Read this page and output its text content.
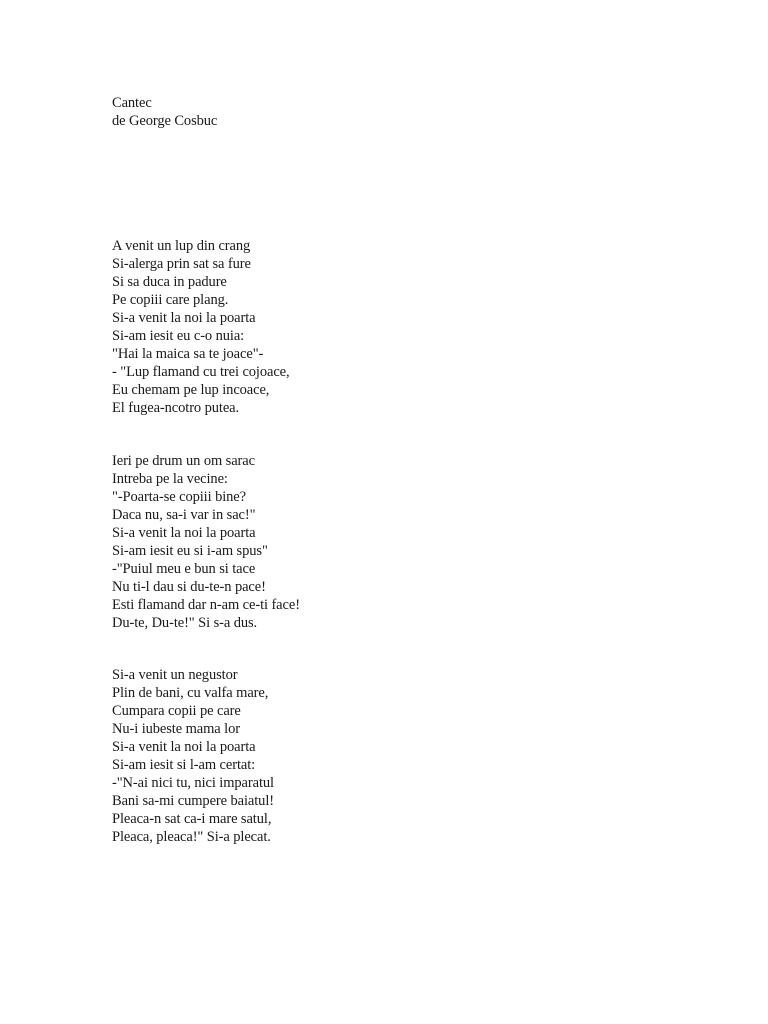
Cantec
de George Cosbuc
A venit un lup din crang
Si-alerga prin sat sa fure
Si sa duca in padure
Pe copiii care plang.
Si-a venit la noi la poarta
Si-am iesit eu c-o nuia:
"Hai la maica sa te joace"-
- "Lup flamand cu trei cojoace,
Eu chemam pe lup incoace,
El fugea-ncotro putea.
Ieri pe drum un om sarac
Intreba pe la vecine:
"-Poarta-se copiii bine?
Daca nu, sa-i var in sac!"
Si-a venit la noi la poarta
Si-am iesit eu si i-am spus"
-"Puiul meu e bun si tace
Nu ti-l dau si du-te-n pace!
Esti flamand dar n-am ce-ti face!
Du-te, Du-te!" Si s-a dus.
Si-a venit un negustor
Plin de bani, cu valfa mare,
Cumpara copii pe care
Nu-i iubeste mama lor
Si-a venit la noi la poarta
Si-am iesit si l-am certat:
-"N-ai nici tu, nici imparatul
Bani sa-mi cumpere baiatul!
Pleaca-n sat ca-i mare satul,
Pleaca, pleaca!" Si-a plecat.
